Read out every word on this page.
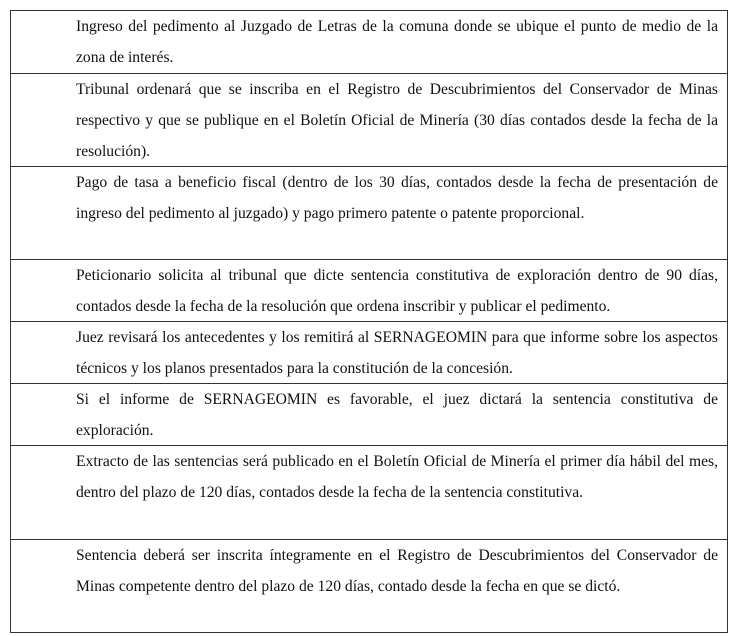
Ingreso del pedimento al Juzgado de Letras de la comuna donde se ubique el punto de medio de la zona de interés.

Tribunal ordenará que se inscriba en el Registro de Descubrimientos del Conservador de Minas respectivo y que se publique en el Boletín Oficial de Minería (30 días contados desde la fecha de la resolución).

Pago de tasa a beneficio fiscal (dentro de los 30 días, contados desde la fecha de presentación de ingreso del pedimento al juzgado) y pago primero patente o patente proporcional.

Peticionario solicita al tribunal que dicte sentencia constitutiva de exploración dentro de 90 días, contados desde la fecha de la resolución que ordena inscribir y publicar el pedimento.

Juez revisará los antecedentes y los remitirá al SERNAGEOMIN para que informe sobre los aspectos técnicos y los planos presentados para la constitución de la concesión.

Si el informe de SERNAGEOMIN es favorable, el juez dictará la sentencia constitutiva de exploración.

Extracto de las sentencias será publicado en el Boletín Oficial de Minería el primer día hábil del mes, dentro del plazo de 120 días, contados desde la fecha de la sentencia constitutiva.

Sentencia deberá ser inscrita íntegramente en el Registro de Descubrimientos del Conservador de Minas competente dentro del plazo de 120 días, contado desde la fecha en que se dictó.
